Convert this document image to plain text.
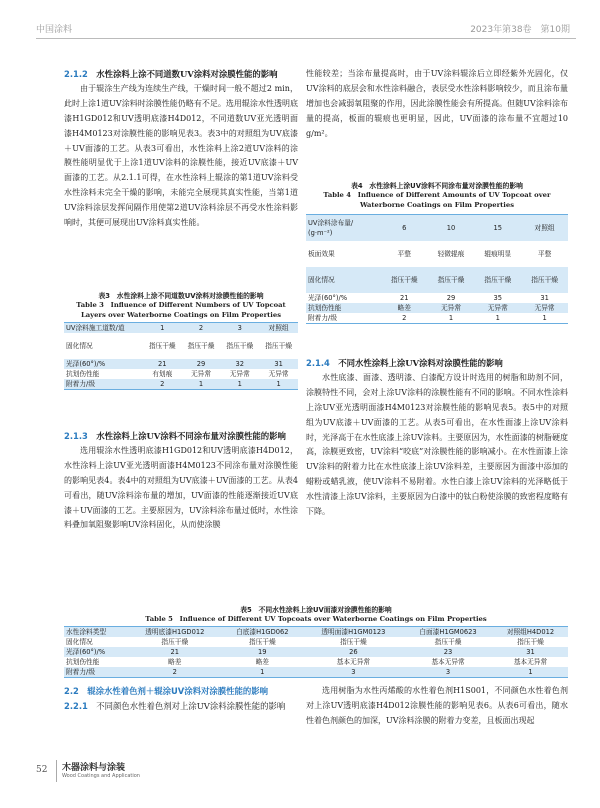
中国涂料	2023年第38卷　第10期
2.1.2　 水性涂料上涂不同道数UV涂料对涂膜性能的影响

由于辊涂生产线为连续生产线，干燥时间一般不超过2 min，此时上涂1道UV涂料时涂膜性能仍略有不足。选用辊涂水性透明底漆H1GD012和UV透明底漆H4D012，不同道数UV亚光透明面漆H4M0123对涂膜性能的影响见表3。表3中的对照组为UV底漆＋UV面漆的工艺。从表3可看出，水性涂料上涂2道UV涂料的涂膜性能明显优于上涂1道UV涂料的涂膜性能，接近UV底漆＋UV面漆的工艺。从2.1.1可得，在水性涂料上辊涂的第1道UV涂料受水性涂料未完全干燥的影响，未能完全展现其真实性能，当第1道UV涂料涂层发挥间隔作用使第2道UV涂料涂层不再受水性涂料影响时，其便可展现出UV涂料真实性能。

表3　水性涂料上涂不同道数UV涂料对涂膜性能的影响
Table 3　Influence of Different Numbers of UV Topcoat Layers over Waterborne Coatings on Film Properties
UV涂料施工道数/道	1	2	3	对照组
固化情况	指压干燥	指压干燥	指压干燥	指压干燥
光泽(60°)/%	21	29	32	31
抗划伤性能	有划痕	无异常	无异常	无异常
附着力/级	2	1	1	1
2.1.3　 水性涂料上涂UV涂料不同涂布量对涂膜性能的影响

选用辊涂水性透明底漆H1GD012和UV透明底漆H4D012，水性涂料上涂UV亚光透明面漆H4M0123不同涂布量对涂膜性能的影响见表4。表4中的对照组为UV底漆＋UV面漆的工艺。从表4可看出，随UV涂料涂布量的增加，UV面漆的性能逐渐接近UV底漆＋UV面漆的工艺。主要原因为，UV涂料涂布量过低时，水性涂料叠加氧阻聚影响UV涂料固化，从而使涂膜

性能较差；当涂布量提高时，由于UV涂料辊涂后立即经紫外光固化，仅UV涂料的底层会和水性涂料融合，表层受水性涂料影响较少，而且涂布量增加也会减弱氧阻聚的作用，因此涂膜性能会有所提高。但随UV涂料涂布量的提高，板面的辊痕也更明显，因此，UV面漆的涂布量不宜超过10 g/m²。

表4　水性涂料上涂UV涂料不同涂布量对涂膜性能的影响
Table 4　Influence of Different Amounts of UV Topcoat over Waterborne Coatings on Film Properties
UV涂料涂布量/
(g·m⁻²)	6	10	15	对照组
板面效果	平整	轻微辊痕	辊痕明显	平整
固化情况	指压干燥	指压干燥	指压干燥	指压干燥
光泽(60°)/%	21	29	35	31
抗划伤性能	略差	无异常	无异常	无异常
附着力/级	2	1	1	1
2.1.4　 不同水性涂料上涂UV涂料对涂膜性能的影响

水性底漆、面漆、透明漆、白漆配方设计时选用的树脂和助剂不同，涂膜特性不同，会对上涂UV涂料的涂膜性能有不同的影响。不同水性涂料上涂UV亚光透明面漆H4M0123对涂膜性能的影响见表5。表5中的对照组为UV底漆＋UV面漆的工艺。从表5可看出，在水性面漆上涂UV涂料时，光泽高于在水性底漆上涂UV涂料。主要原因为，水性面漆的树脂硬度高，涂膜更致密，UV涂料“咬底”对涂膜性能的影响减小。在水性面漆上涂UV涂料的附着力比在水性底漆上涂UV涂料差，主要原因为面漆中添加的蜡粉或蜡乳液，使UV涂料不易附着。水性白漆上涂UV涂料的光泽略低于水性清漆上涂UV涂料，主要原因为白漆中的钛白粉使涂膜的致密程度略有下降。

表5　不同水性涂料上涂UV面漆对涂膜性能的影响
Table 5　Influence of Different UV Topcoats over Waterborne Coatings on Film Properties
水性涂料类型	透明底漆H1GD012	白底漆H1GD062	透明面漆H1GM0123	白面漆H1GM0623	对照组H4D012
固化情况	指压干燥	指压干燥	指压干燥	指压干燥	指压干燥
光泽(60°)/%	21	19	26	23	31
抗划伤性能	略差	略差	基本无异常	基本无异常	基本无异常
附着力/级	2	1	3	3	1
2.2　 辊涂水性着色剂＋辊涂UV涂料对涂膜性能的影响
2.2.1　 不同颜色水性着色剂对上涂UV涂料涂膜性能的影响

选用树脂为水性丙烯酸的水性着色剂H1S001，不同颜色水性着色剂对上涂UV透明底漆H4D012涂膜性能的影响见表6。从表6可看出，随水性着色剂颜色的加深，UV涂料涂膜的附着力变差，且板面出现起

52 木器涂料与涂装
Wood Coatings and Application
